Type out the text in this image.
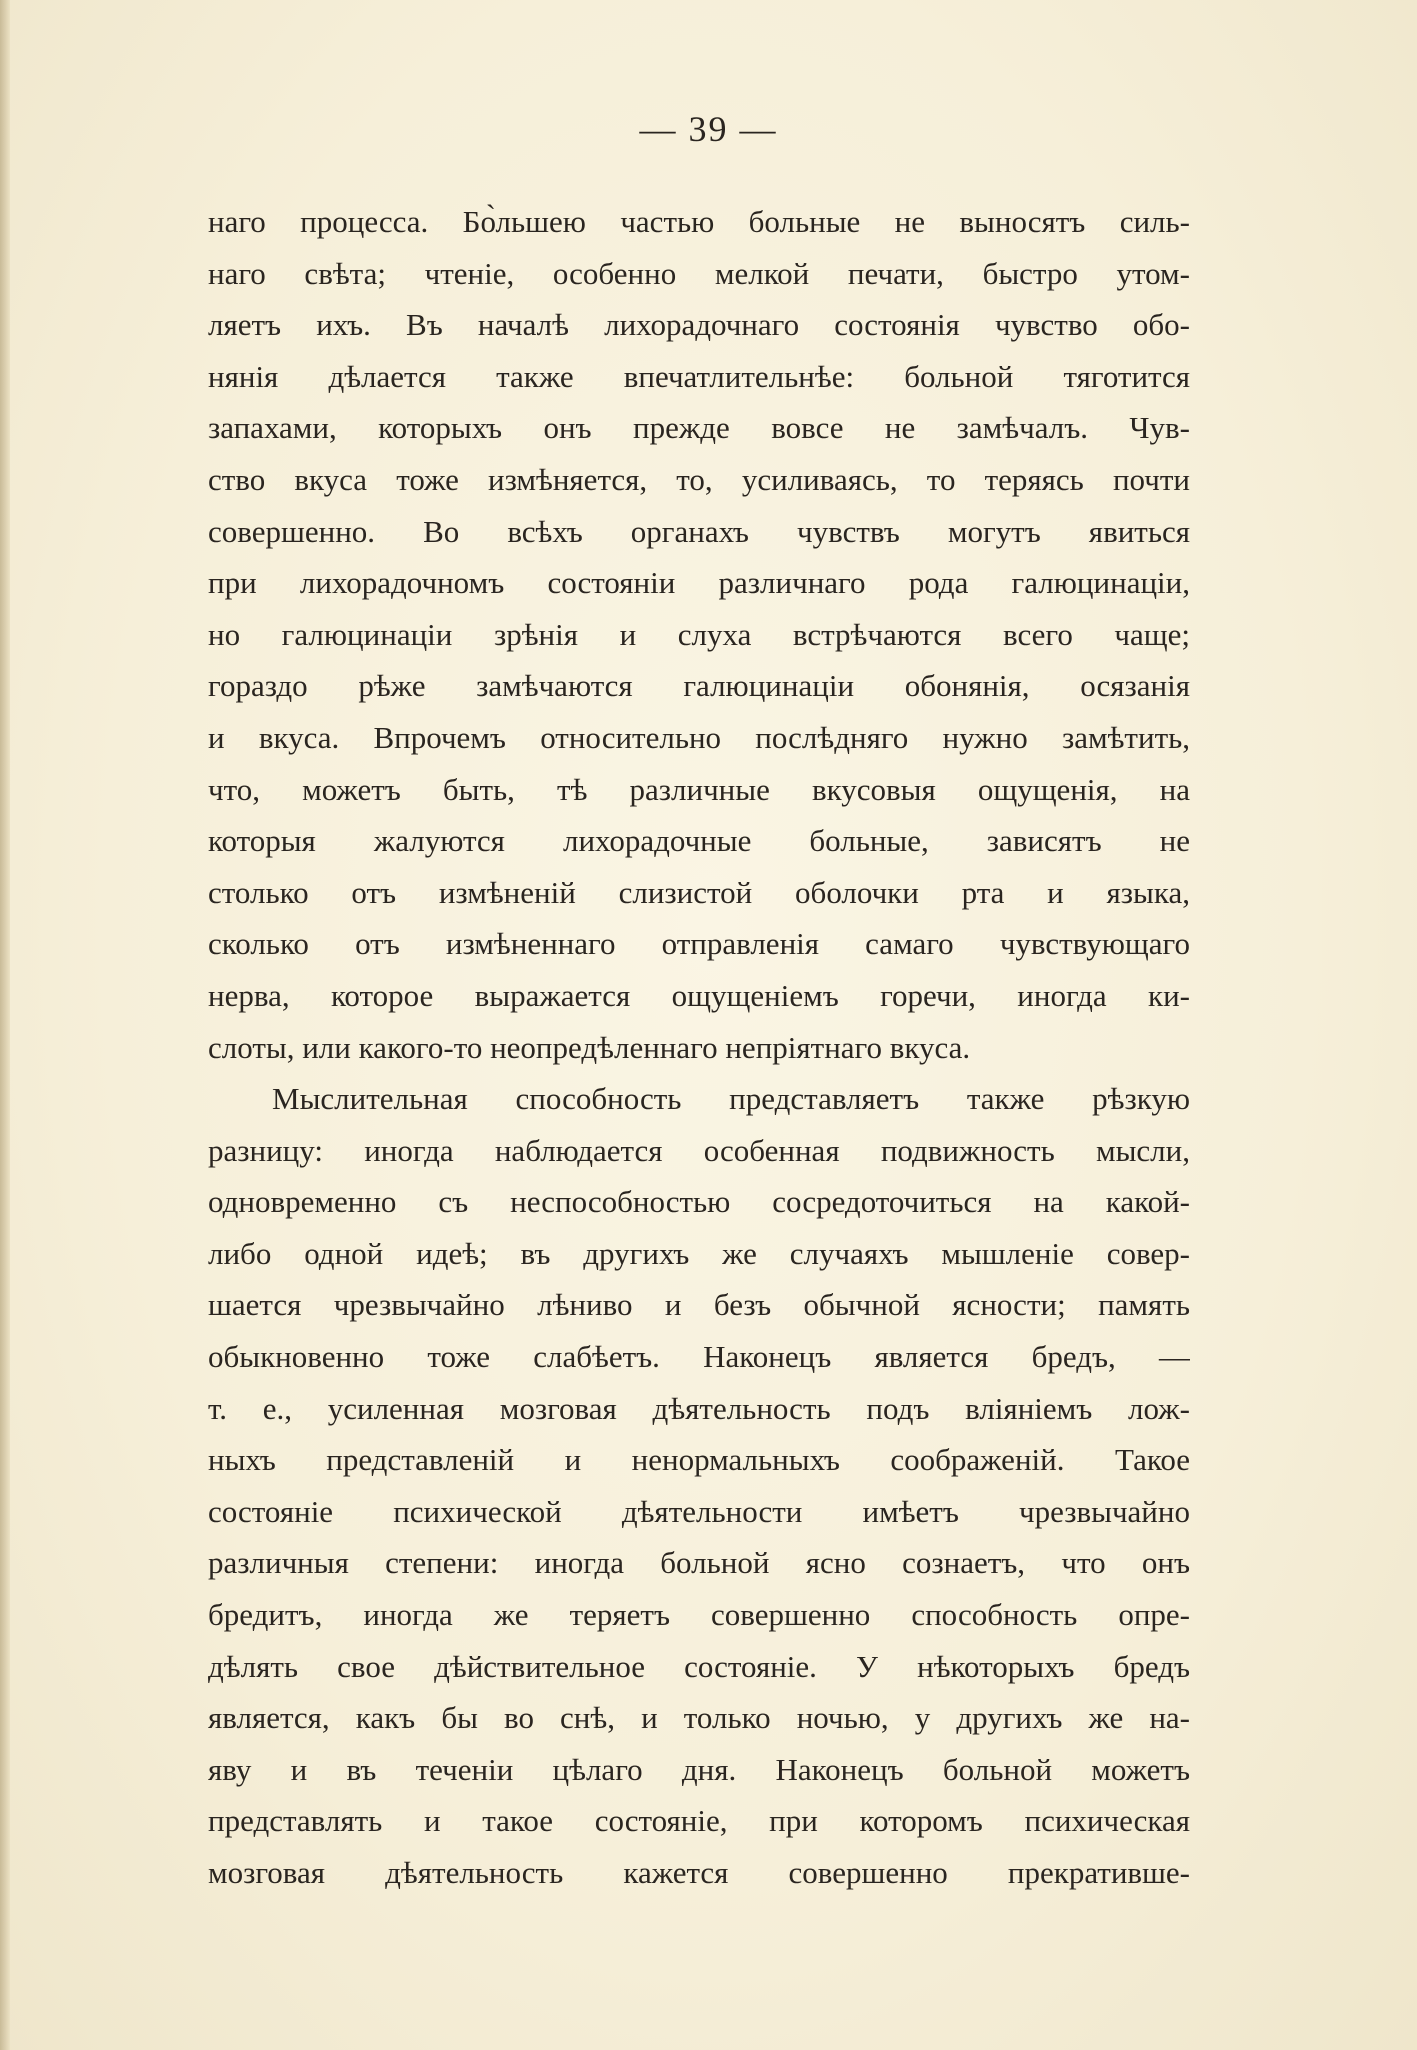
— 39 —
наго процесса. Бо̀льшею частью больные не выносятъ силь-
наго свѣта; чтеніе, особенно мелкой печати, быстро утом-
ляетъ ихъ. Въ началѣ лихорадочнаго состоянія чувство обо-
нянія дѣлается также впечатлительнѣе: больной тяготится
запахами, которыхъ онъ прежде вовсе не замѣчалъ. Чув-
ство вкуса тоже измѣняется, то, усиливаясь, то теряясь почти
совершенно. Во всѣхъ органахъ чувствъ могутъ явиться
при лихорадочномъ состояніи различнаго рода галюцинаціи,
но галюцинаціи зрѣнія и слуха встрѣчаются всего чаще;
гораздо рѣже замѣчаются галюцинаціи обонянія, осязанія
и вкуса. Впрочемъ относительно послѣдняго нужно замѣтить,
что, можетъ быть, тѣ различные вкусовыя ощущенія, на
которыя жалуются лихорадочные больные, зависятъ не
столько отъ измѣненій слизистой оболочки рта и языка,
сколько отъ измѣненнаго отправленія самаго чувствующаго
нерва, которое выражается ощущеніемъ горечи, иногда ки-
слоты, или какого-то неопредѣленнаго непріятнаго вкуса.
Мыслительная способность представляетъ также рѣзкую
разницу: иногда наблюдается особенная подвижность мысли,
одновременно съ неспособностью сосредоточиться на какой-
либо одной идеѣ; въ другихъ же случаяхъ мышленіе совер-
шается чрезвычайно лѣниво и безъ обычной ясности; память
обыкновенно тоже слабѣетъ. Наконецъ является бредъ, —
т. е., усиленная мозговая дѣятельность подъ вліяніемъ лож-
ныхъ представленій и ненормальныхъ соображеній. Такое
состояніе психической дѣятельности имѣетъ чрезвычайно
различныя степени: иногда больной ясно сознаетъ, что онъ
бредитъ, иногда же теряетъ совершенно способность опре-
дѣлять свое дѣйствительное состояніе. У нѣкоторыхъ бредъ
является, какъ бы во снѣ, и только ночью, у другихъ же на-
яву и въ теченіи цѣлаго дня. Наконецъ больной можетъ
представлять и такое состояніе, при которомъ психическая
мозговая дѣятельность кажется совершенно прекратившe-
